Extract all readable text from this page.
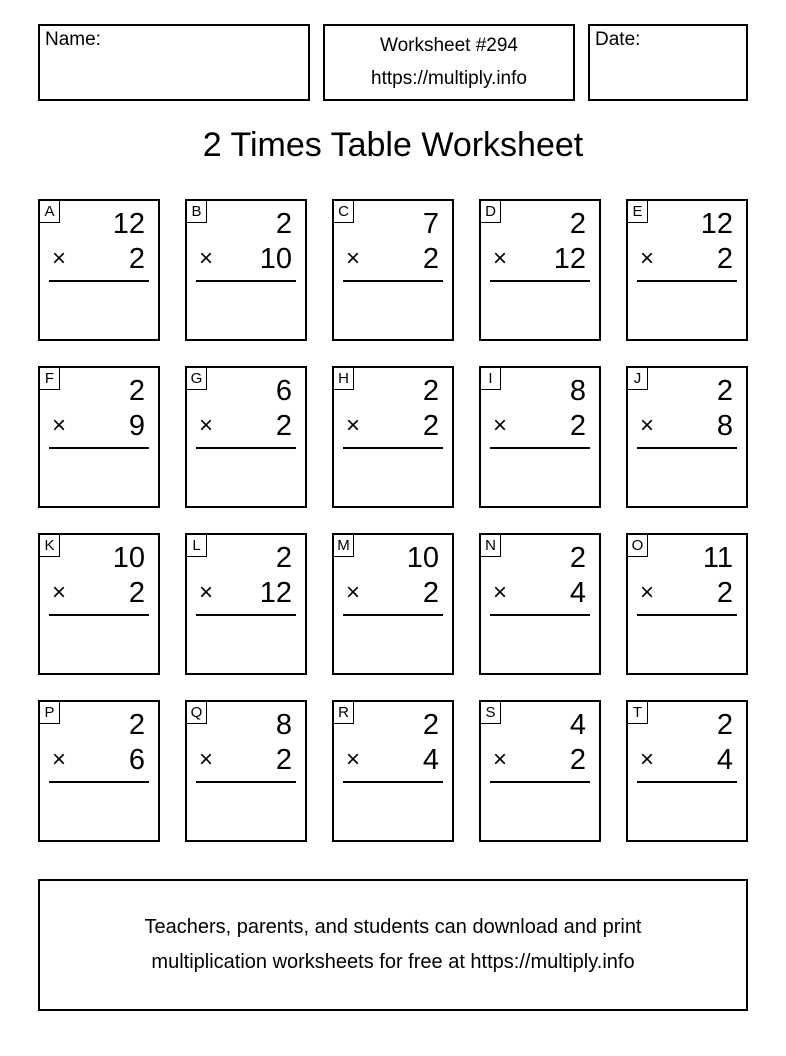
Name:	Worksheet #294
https://multiply.info
Date:
2 Times Table Worksheet
A 12
× 2
B	2
× 10
C	7
× 2
D	2
× 12
E 12
× 2
F	2
× 9
G	6
× 2
H	2
× 2
I	8
× 2
J	2
× 8
K 10
× 2
L	2
× 12
M 10
× 2
N	2
× 4
O 11
× 2
P	2
× 6
Q	8
× 2
R	2
× 4
S	4
× 2
T	2
× 4
Teachers, parents, and students can download and print
multiplication worksheets for free at https://multiply.info
